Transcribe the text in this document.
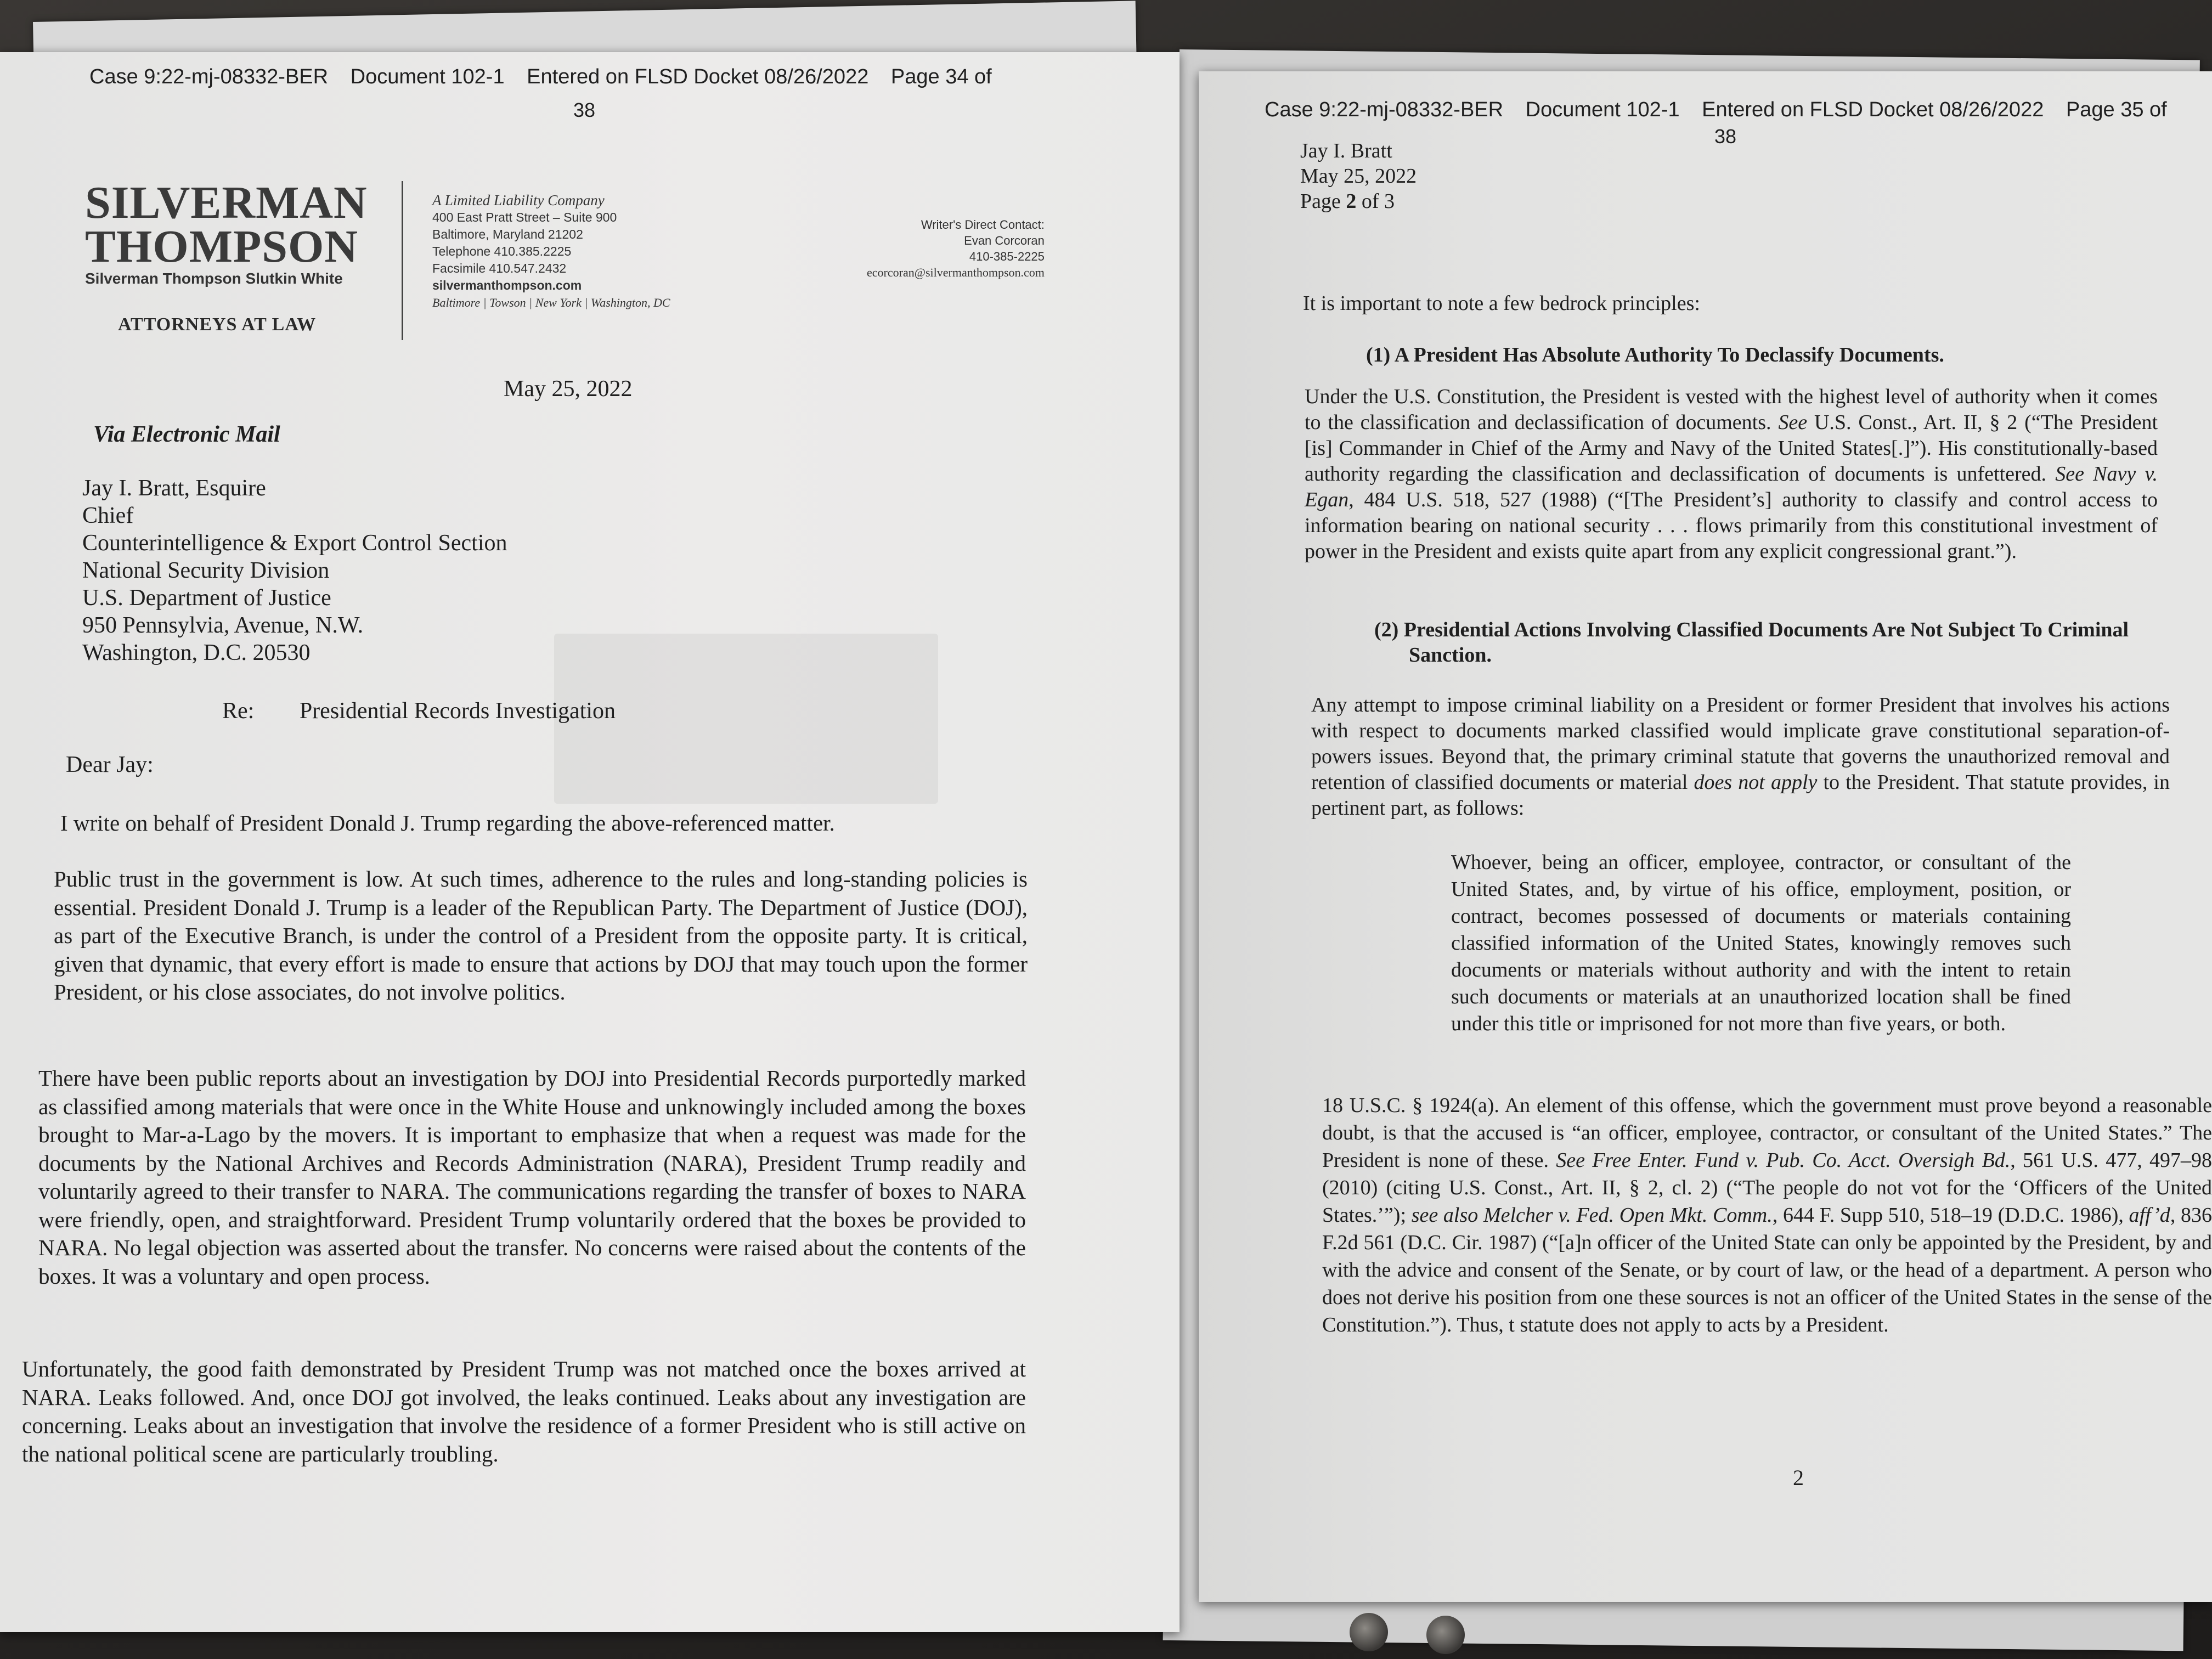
Case 9:22-mj-08332-BER Document 102-1 Entered on FLSD Docket 08/26/2022 Page 34 of
38
SILVERMAN
THOMPSON
Silverman Thompson Slutkin White
ATTORNEYS AT LAW
A Limited Liability Company
400 East Pratt Street – Suite 900
Baltimore, Maryland 21202
Telephone 410.385.2225
Facsimile 410.547.2432
silvermanthompson.com
Baltimore | Towson | New York | Washington, DC
Writer's Direct Contact:
Evan Corcoran
410-385-2225
ecorcoran@silvermanthompson.com
May 25, 2022
Via Electronic Mail
Jay I. Bratt, Esquire
Chief
Counterintelligence & Export Control Section
National Security Division
U.S. Department of Justice
950 Pennsylvia, Avenue, N.W.
Washington, D.C. 20530
Re: Presidential Records Investigation
Dear Jay:
I write on behalf of President Donald J. Trump regarding the above-referenced matter.
Public trust in the government is low. At such times, adherence to the rules and long-standing policies is essential. President Donald J. Trump is a leader of the Republican Party. The Department of Justice (DOJ), as part of the Executive Branch, is under the control of a President from the opposite party. It is critical, given that dynamic, that every effort is made to ensure that actions by DOJ that may touch upon the former President, or his close associates, do not involve politics.
There have been public reports about an investigation by DOJ into Presidential Records purportedly marked as classified among materials that were once in the White House and unknowingly included among the boxes brought to Mar-a-Lago by the movers. It is important to emphasize that when a request was made for the documents by the National Archives and Records Administration (NARA), President Trump readily and voluntarily agreed to their transfer to NARA. The communications regarding the transfer of boxes to NARA were friendly, open, and straightforward. President Trump voluntarily ordered that the boxes be provided to NARA. No legal objection was asserted about the transfer. No concerns were raised about the contents of the boxes. It was a voluntary and open process.
Unfortunately, the good faith demonstrated by President Trump was not matched once the boxes arrived at NARA. Leaks followed. And, once DOJ got involved, the leaks continued. Leaks about any investigation are concerning. Leaks about an investigation that involve the residence of a former President who is still active on the national political scene are particularly troubling.
Case 9:22-mj-08332-BER Document 102-1 Entered on FLSD Docket 08/26/2022 Page 35 of
38
Jay I. Bratt
May 25, 2022
Page 2 of 3
It is important to note a few bedrock principles:
(1) A President Has Absolute Authority To Declassify Documents.
Under the U.S. Constitution, the President is vested with the highest level of authority when it comes to the classification and declassification of documents. See U.S. Const., Art. II, § 2 (“The President [is] Commander in Chief of the Army and Navy of the United States[.]”). His constitutionally-based authority regarding the classification and declassification of documents is unfettered. See Navy v. Egan, 484 U.S. 518, 527 (1988) (“[The President’s] authority to classify and control access to information bearing on national security . . . flows primarily from this constitutional investment of power in the President and exists quite apart from any explicit congressional grant.”).
(2) Presidential Actions Involving Classified Documents Are Not Subject To Criminal
Sanction.
Any attempt to impose criminal liability on a President or former President that involves his actions with respect to documents marked classified would implicate grave constitutional separation-of-powers issues. Beyond that, the primary criminal statute that governs the unauthorized removal and retention of classified documents or material does not apply to the President. That statute provides, in pertinent part, as follows:
Whoever, being an officer, employee, contractor, or consultant of the United States, and, by virtue of his office, employment, position, or contract, becomes possessed of documents or materials containing classified information of the United States, knowingly removes such documents or materials without authority and with the intent to retain such documents or materials at an unauthorized location shall be fined under this title or imprisoned for not more than five years, or both.
18 U.S.C. § 1924(a). An element of this offense, which the government must prove beyond a reasonable doubt, is that the accused is “an officer, employee, contractor, or consultant of the United States.” The President is none of these. See Free Enter. Fund v. Pub. Co. Acct. Oversigh Bd., 561 U.S. 477, 497–98 (2010) (citing U.S. Const., Art. II, § 2, cl. 2) (“The people do not vot for the ‘Officers of the United States.’”); see also Melcher v. Fed. Open Mkt. Comm., 644 F. Supp 510, 518–19 (D.D.C. 1986), aff’d, 836 F.2d 561 (D.C. Cir. 1987) (“[a]n officer of the United State can only be appointed by the President, by and with the advice and consent of the Senate, or by court of law, or the head of a department. A person who does not derive his position from one these sources is not an officer of the United States in the sense of the Constitution.”). Thus, t statute does not apply to acts by a President.
2
